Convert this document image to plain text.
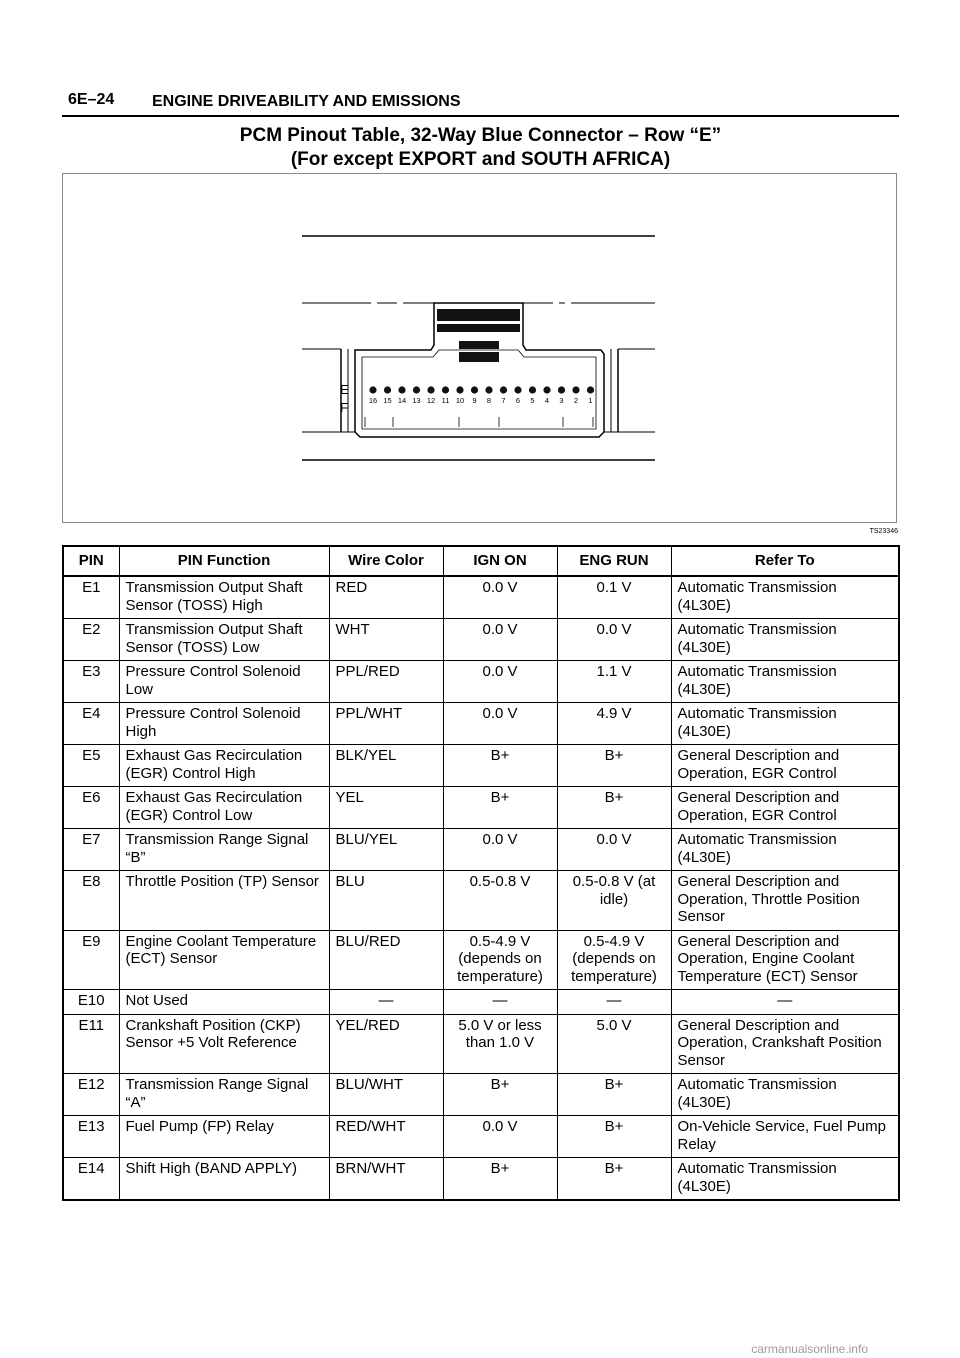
6E–24 ENGINE DRIVEABILITY AND EMISSIONS
PCM Pinout Table, 32-Way Blue Connector – Row “E”
(For except EXPORT and SOUTH AFRICA)
E
F	16 15 14 13 12 11 10 9 8 7 6 5 4 3 2 1
TS23346
PIN	PIN Function	Wire Color	IGN ON	ENG RUN	Refer To
E1	Transmission Output Shaft Sensor (TOSS) High	RED	0.0 V	0.1 V	Automatic Transmission (4L30E)
E2	Transmission Output Shaft Sensor (TOSS) Low	WHT	0.0 V	0.0 V	Automatic Transmission (4L30E)
E3	Pressure Control Solenoid Low	PPL/RED	0.0 V	1.1 V	Automatic Transmission (4L30E)
E4	Pressure Control Solenoid High	PPL/WHT	0.0 V	4.9 V	Automatic Transmission (4L30E)
E5	Exhaust Gas Recirculation (EGR) Control High	BLK/YEL	B+	B+	General Description and Operation, EGR Control
E6	Exhaust Gas Recirculation (EGR) Control Low	YEL	B+	B+	General Description and Operation, EGR Control
E7	Transmission Range Signal “B”	BLU/YEL	0.0 V	0.0 V	Automatic Transmission (4L30E)
E8	Throttle Position (TP) Sensor	BLU	0.5-0.8 V	0.5-0.8 V (at idle)	General Description and Operation, Throttle Position Sensor
E9	Engine Coolant Temperature (ECT) Sensor	BLU/RED	0.5-4.9 V (depends on temperature)	0.5-4.9 V (depends on temperature)	General Description and Operation, Engine Coolant Temperature (ECT) Sensor
E10	Not Used	—	—	—	—
E11	Crankshaft Position (CKP) Sensor +5 Volt Reference	YEL/RED	5.0 V or less than 1.0 V	5.0 V	General Description and Operation, Crankshaft Position Sensor
E12	Transmission Range Signal “A”	BLU/WHT	B+	B+	Automatic Transmission (4L30E)
E13	Fuel Pump (FP) Relay	RED/WHT	0.0 V	B+	On-Vehicle Service, Fuel Pump Relay
E14	Shift High (BAND APPLY)	BRN/WHT	B+	B+	Automatic Transmission (4L30E)
carmanualsonline.info
